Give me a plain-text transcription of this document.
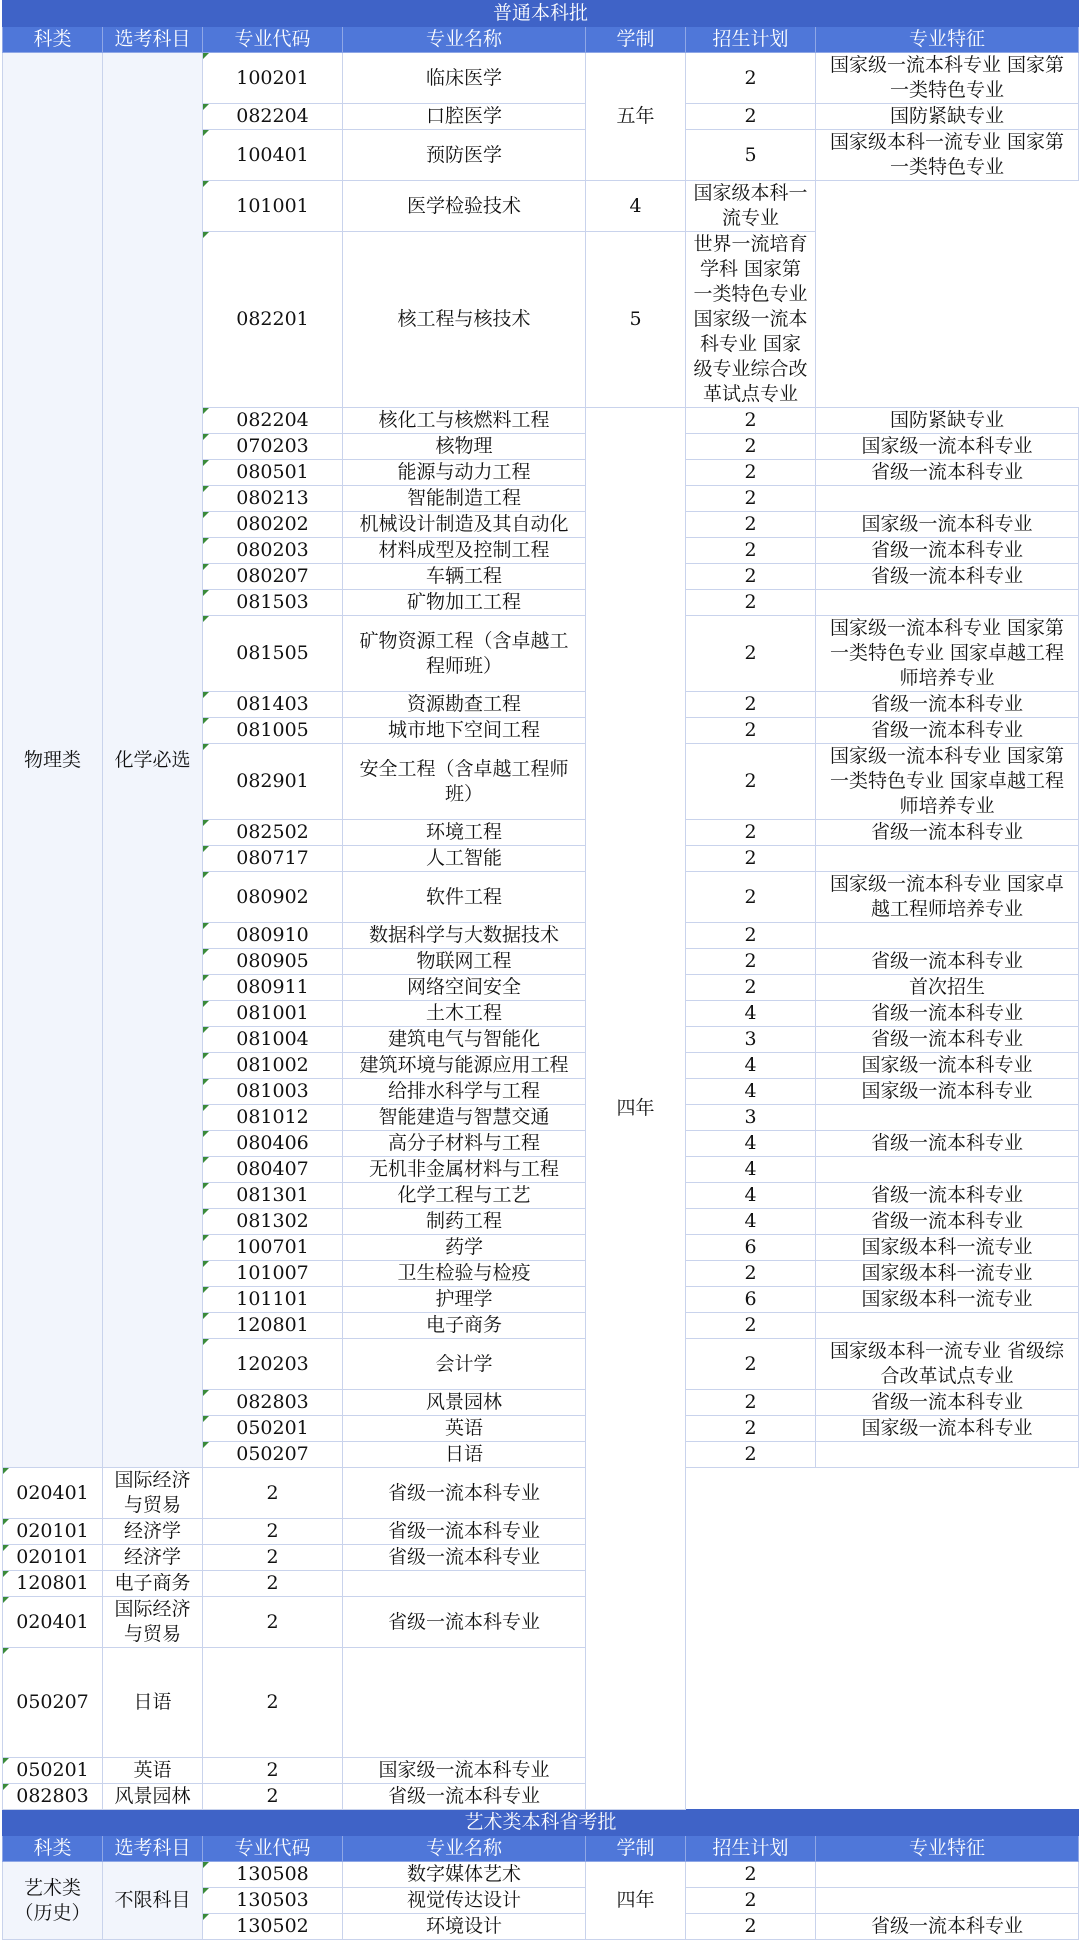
普通本科批						
科类	选考科目	专业代码	专业名称	学制	招生计划	专业特征
物理类	化学必选	100201	临床医学	五年	2	国家级一流本科专业 国家第一类特色专业
		082204	口腔医学		2	国防紧缺专业
		100401	预防医学		5	国家级本科一流专业 国家第一类特色专业
		101001	医学检验技术	4	国家级本科一流专业	
		082201	核工程与核技术	5	世界一流培育学科 国家第一类特色专业 国家级一流本科专业 国家级专业综合改革试点专业	
		082204	核化工与核燃料工程	四年	2	国防紧缺专业
		070203	核物理		2	国家级一流本科专业
		080501	能源与动力工程		2	省级一流本科专业
		080213	智能制造工程		2	
		080202	机械设计制造及其自动化		2	国家级一流本科专业
		080203	材料成型及控制工程		2	省级一流本科专业
		080207	车辆工程		2	省级一流本科专业
		081503	矿物加工工程		2	
		081505	矿物资源工程（含卓越工程师班）		2	国家级一流本科专业 国家第一类特色专业 国家卓越工程师培养专业
		081403	资源勘查工程		2	省级一流本科专业
		081005	城市地下空间工程		2	省级一流本科专业
		082901	安全工程（含卓越工程师班）		2	国家级一流本科专业 国家第一类特色专业 国家卓越工程师培养专业
		082502	环境工程		2	省级一流本科专业
		080717	人工智能		2	
		080902	软件工程		2	国家级一流本科专业 国家卓越工程师培养专业
		080910	数据科学与大数据技术		2	
		080905	物联网工程		2	省级一流本科专业
		080911	网络空间安全		2	首次招生
		081001	土木工程		4	省级一流本科专业
		081004	建筑电气与智能化		3	省级一流本科专业
		081002	建筑环境与能源应用工程		4	国家级一流本科专业
		081003	给排水科学与工程		4	国家级一流本科专业
		081012	智能建造与智慧交通		3	
		080406	高分子材料与工程		4	省级一流本科专业
		080407	无机非金属材料与工程		4	
		081301	化学工程与工艺		4	省级一流本科专业
		081302	制药工程		4	省级一流本科专业
		100701	药学		6	国家级本科一流专业
		101007	卫生检验与检疫		2	国家级本科一流专业
		101101	护理学		6	国家级本科一流专业
		120801	电子商务		2	
		120203	会计学		2	国家级本科一流专业 省级综合改革试点专业
		082803	风景园林		2	省级一流本科专业
		050201	英语		2	国家级一流本科专业
		050207	日语		2	
020401	国际经济与贸易	2	省级一流本科专业			
020101	经济学	2	省级一流本科专业			
020101	经济学	2	省级一流本科专业			
120801	电子商务	2				
020401	国际经济与贸易	2	省级一流本科专业			
050207	日语	2				
050201	英语	2	国家级一流本科专业			
082803	风景园林	2	省级一流本科专业			
艺术类本科省考批						
科类	选考科目	专业代码	专业名称	学制	招生计划	专业特征
艺术类
（历史）	不限科目	130508	数字媒体艺术	四年	2	
		130503	视觉传达设计		2	
		130502	环境设计		2	省级一流本科专业
